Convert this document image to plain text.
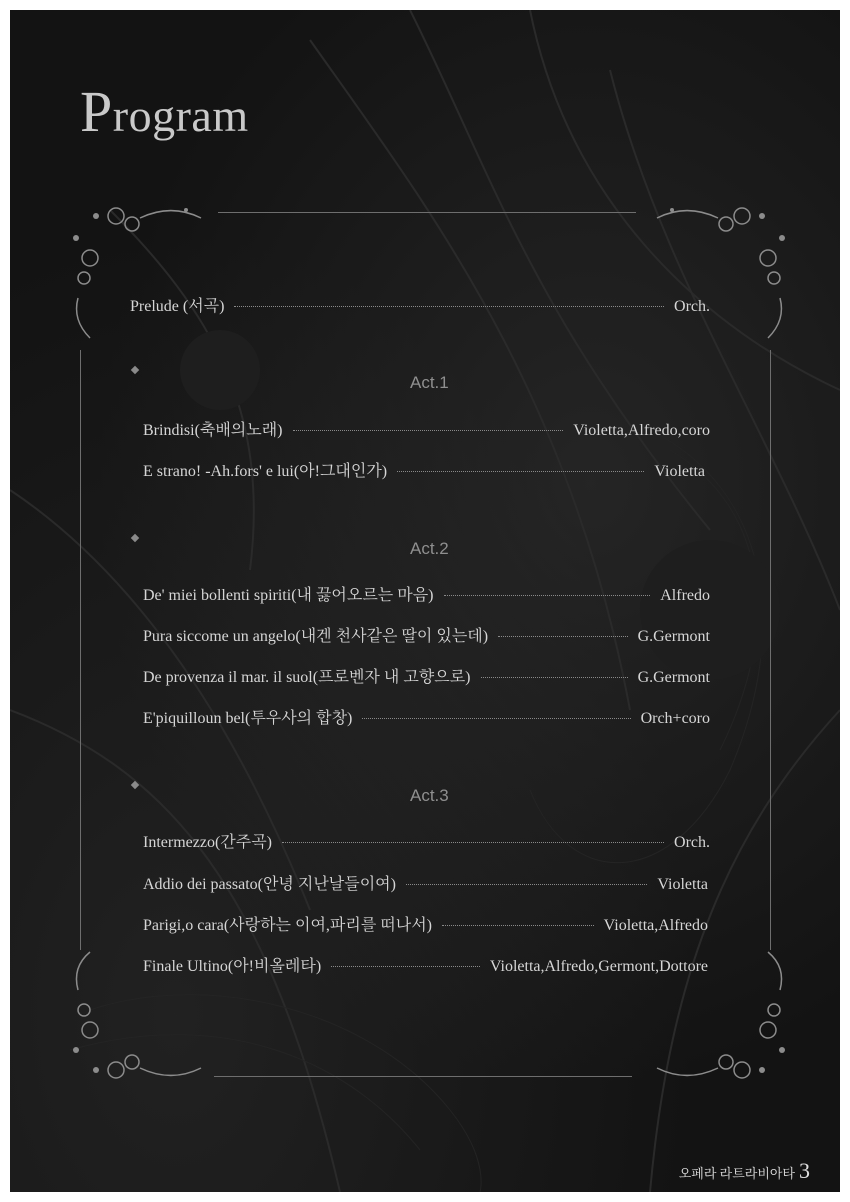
Program
Prelude (서곡)	Orch.
Act.1
Brindisi(축배의노래)	Violetta,Alfredo,coro
E strano! -Ah.fors' e lui(아!그대인가)	Violetta
Act.2
De' miei bollenti spiriti(내 끓어오르는 마음)	Alfredo
Pura siccome un angelo(내겐 천사같은 딸이 있는데)	G.Germont
De provenza il mar. il suol(프로벤자 내 고향으로)	G.Germont
E'piquilloun bel(투우사의 합창)	Orch+coro
Act.3
Intermezzo(간주곡)	Orch.
Addio dei passato(안녕 지난날들이여)	Violetta
Parigi,o cara(사랑하는 이여,파리를 떠나서)	Violetta,Alfredo
Finale Ultino(아!비올레타)	Violetta,Alfredo,Germont,Dottore
오페라 라트라비아타 3
